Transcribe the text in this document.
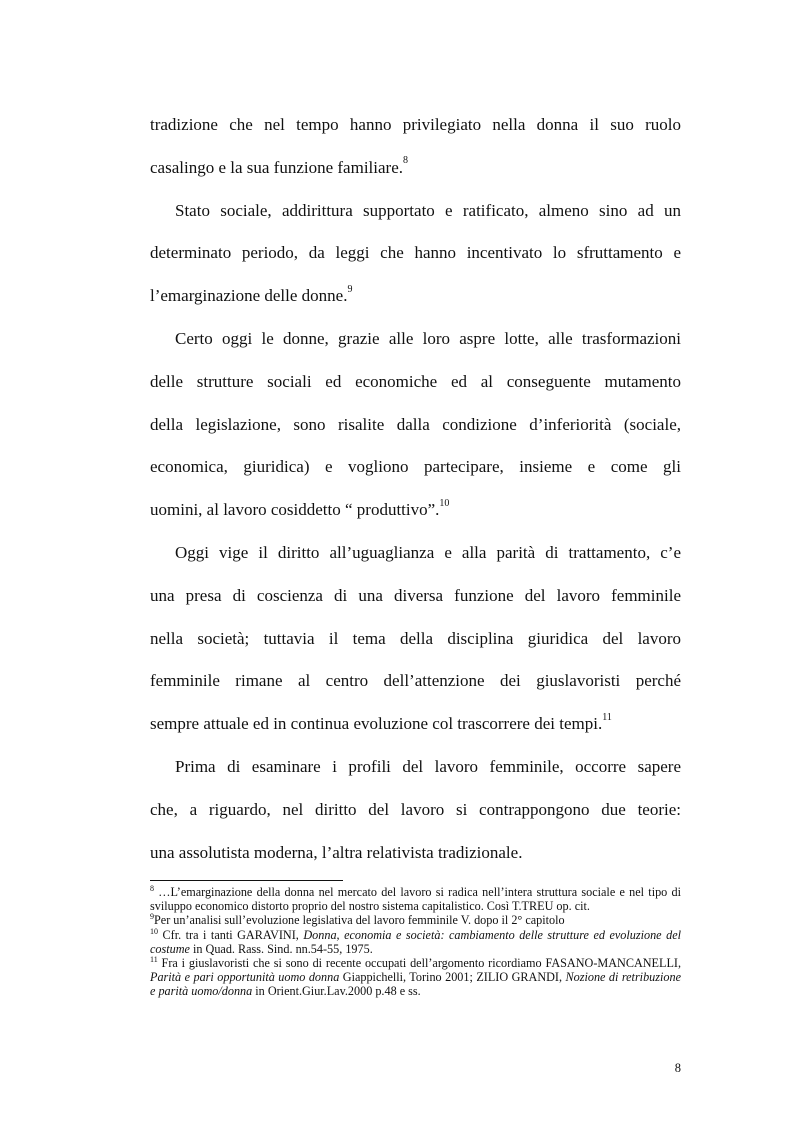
tradizione che nel tempo hanno privilegiato nella donna il suo ruolo
casalingo e la sua funzione familiare.$^8$

Stato sociale, addirittura supportato e ratificato, almeno sino ad un
determinato periodo, da leggi che hanno incentivato lo sfruttamento e
l’emarginazione delle donne.$^9$

Certo oggi le donne, grazie alle loro aspre lotte, alle trasformazioni
delle strutture sociali ed economiche ed al conseguente mutamento
della legislazione, sono risalite dalla condizione d’inferiorità (sociale,
economica, giuridica) e vogliono partecipare, insieme e come gli
uomini, al lavoro cosiddetto “ produttivo”.$^{10}$

Oggi vige il diritto all’uguaglianza e alla parità di trattamento, c’e
una presa di coscienza di una diversa funzione del lavoro femminile
nella società; tuttavia il tema della disciplina giuridica del lavoro
femminile rimane al centro dell’attenzione dei giuslavoristi perché
sempre attuale ed in continua evoluzione col trascorrere dei tempi.$^{11}$

Prima di esaminare i profili del lavoro femminile, occorre sapere
che, a riguardo, nel diritto del lavoro si contrappongono due teorie:
una assolutista moderna, l’altra relativista tradizionale.

$^8$ …L’emarginazione della donna nel mercato del lavoro si radica nell’intera struttura sociale e nel tipo di sviluppo economico distorto proprio del nostro sistema capitalistico. Così T.TREU op. cit.

$^9$Per un’analisi sull’evoluzione legislativa del lavoro femminile V. dopo il 2° capitolo

$^{10}$ Cfr. tra i tanti GARAVINI, Donna, economia e società: cambiamento delle strutture ed evoluzione del costume in Quad. Rass. Sind. nn.54-55, 1975.

$^{11}$ Fra i giuslavoristi che si sono di recente occupati dell’argomento ricordiamo FASANO-MANCANELLI, Parità e pari opportunità uomo donna Giappichelli, Torino 2001; ZILIO GRANDI, Nozione di retribuzione e parità uomo/donna in Orient.Giur.Lav.2000 p.48 e ss.

8
